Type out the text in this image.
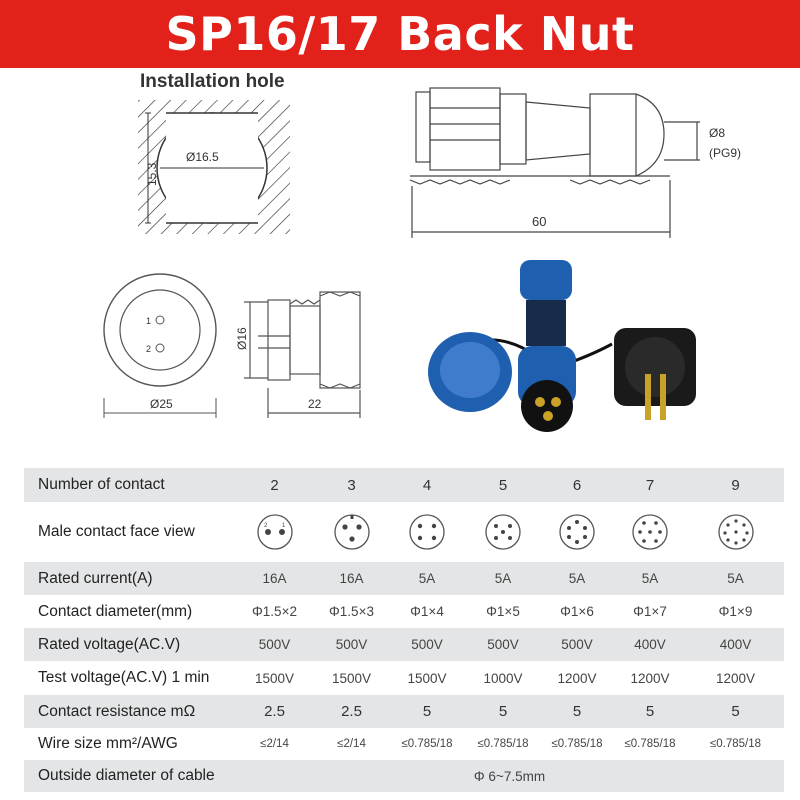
SP16/17 Back Nut
Installation hole
15.3
Ø16.5
60
Ø8
(PG9)
1
2
Ø25
Ø16
22
Number of contact	2	3	4	5	6	7	9
Male contact face view	2 1

Rated current(A)	16A	16A	5A	5A	5A	5A	5A
Contact diameter(mm)	Φ1.5×2	Φ1.5×3	Φ1×4	Φ1×5	Φ1×6	Φ1×7	Φ1×9
Rated voltage(AC.V)	500V	500V	500V	500V	500V	400V	400V
Test voltage(AC.V) 1 min	1500V	1500V	1500V	1000V	1200V	1200V	1200V
Contact resistance mΩ	2.5	2.5	5	5	5	5	5
Wire size mm²/AWG	≤2/14	≤2/14	≤0.785/18	≤0.785/18	≤0.785/18	≤0.785/18	≤0.785/18
Outside diameter of cable	Φ 6~7.5mm						
